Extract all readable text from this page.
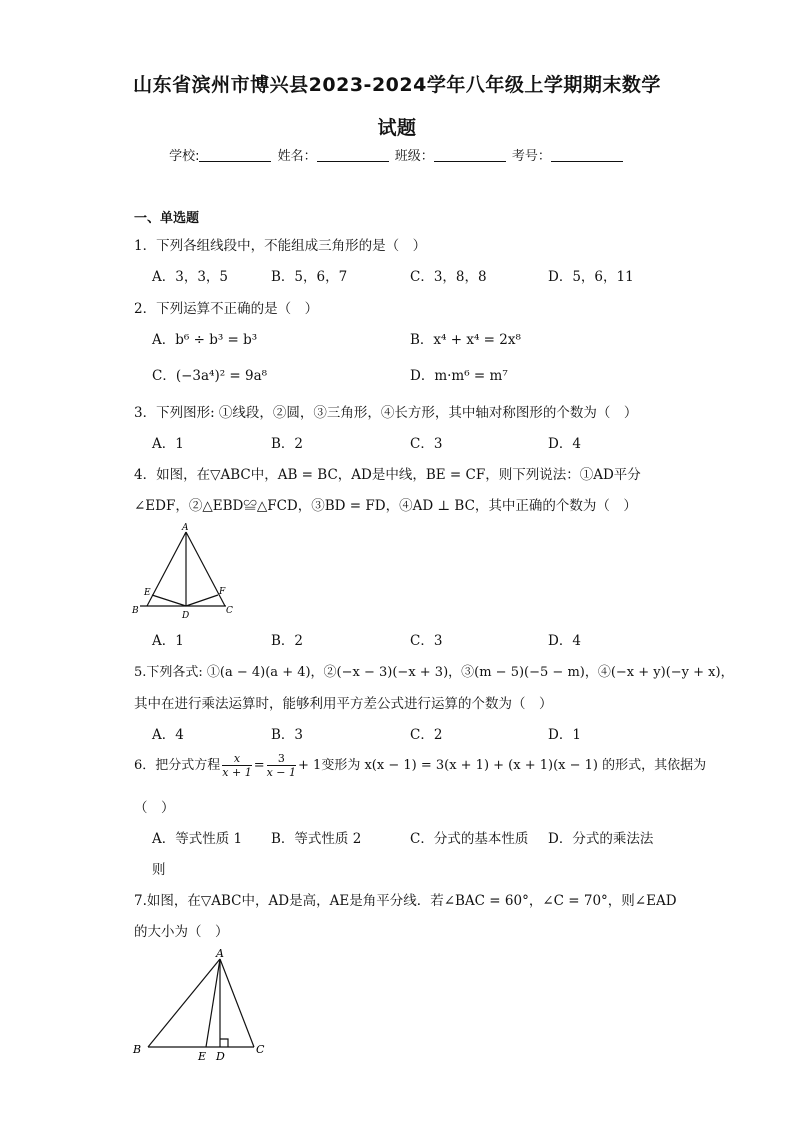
山东省滨州市博兴县2023-2024学年八年级上学期期末数学
试题
学校:	姓名：	班级：	考号：
一、单选题
1．下列各组线段中，不能组成三角形的是（　）
A．3，3，5	B．5，6，7	C．3，8，8	D．5，6，11
2．下列运算不正确的是（　）
A．b⁶ ÷ b³ = b³	B．x⁴ + x⁴ = 2x⁸
C．(−3a⁴)² = 9a⁸	D．m·m⁶ = m⁷
3．下列图形: ①线段，②圆，③三角形，④长方形，其中轴对称图形的个数为（　）
A．1	B．2	C．3	D．4
4．如图，在▽ABC中，AB = BC，AD是中线，BE = CF，则下列说法：①AD平分
∠EDF，②△EBD≌△FCD，③BD = FD，④AD ⊥ BC，其中正确的个数为（　）
A
E	F
B	D	C
A．1	B．2	C．3	D．4
5.下列各式: ①(a − 4)(a + 4)，②(−x − 3)(−x + 3)，③(m − 5)(−5 − m)，④(−x + y)(−y + x)，
其中在进行乘法运算时，能够利用平方差公式进行运算的个数为（　）
A．4	B．3	C．2	D．1
6．把分式方程 $\frac{x}{x + 1} = \frac{3}{x - 1} + 1$变形为 x(x − 1) = 3(x + 1) + (x + 1)(x − 1) 的形式，其依据为
（　）
A．等式性质 1 B．等式性质 2	C．分式的基本性质 D．分式的乘法法
则
7.如图，在▽ABC中，AD是高，AE是角平分线．若∠BAC = 60°，∠C = 70°，则∠EAD
的大小为（　）
A
B
E D
C
